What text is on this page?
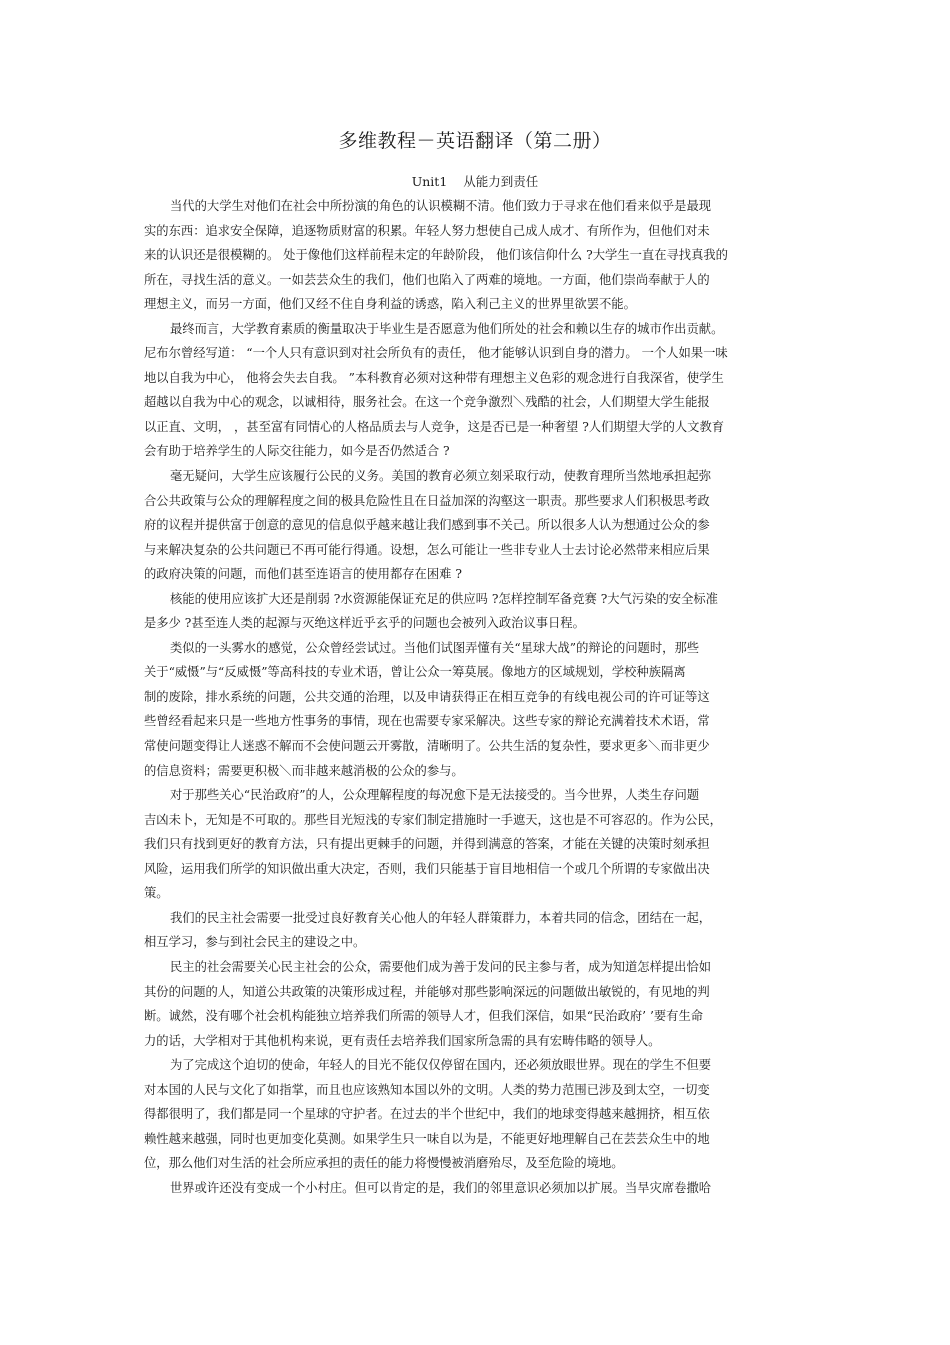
多维教程－英语翻译（第二册）
Unit1 从能力到责任

当代的大学生对他们在社会中所扮演的角色的认识模糊不清。他们致力于寻求在他们看来似乎是最现
实的东西：追求安全保障，追逐物质财富的积累。年轻人努力想使自己成人成才、有所作为，但他们对未
来的认识还是很模糊的。 处于像他们这样前程未定的年龄阶段， 他们该信仰什么 ?大学生一直在寻找真我的
所在，寻找生活的意义。一如芸芸众生的我们，他们也陷入了两难的境地。一方面，他们崇尚奉献于人的
理想主义，而另一方面，他们又经不住自身利益的诱惑，陷入利己主义的世界里欲罢不能。

最终而言，大学教育素质的衡量取决于毕业生是否愿意为他们所处的社会和赖以生存的城市作出贡献。
尼布尔曾经写道： “一个人只有意识到对社会所负有的责任， 他才能够认识到自身的潜力。 一个人如果一味
地以自我为中心， 他将会失去自我。 ”本科教育必须对这种带有理想主义色彩的观念进行自我深省，使学生
超越以自我为中心的观念，以诚相待，服务社会。在这一个竞争激烈＼残酷的社会，人们期望大学生能报
以正直、文明， ，甚至富有同情心的人格品质去与人竞争，这是否已是一种奢望 ?人们期望大学的人文教育
会有助于培养学生的人际交往能力，如今是否仍然适合 ?

毫无疑问，大学生应该履行公民的义务。美国的教育必须立刻采取行动，使教育理所当然地承担起弥
合公共政策与公众的理解程度之间的极具危险性且在日益加深的沟壑这一职责。那些要求人们积极思考政
府的议程并提供富于创意的意见的信息似乎越来越让我们感到事不关己。所以很多人认为想通过公众的参
与来解决复杂的公共问题已不再可能行得通。设想，怎么可能让一些非专业人士去讨论必然带来相应后果
的政府决策的问题，而他们甚至连语言的使用都存在困难 ?

核能的使用应该扩大还是削弱 ?水资源能保证充足的供应吗 ?怎样控制军备竞赛 ?大气污染的安全标准
是多少 ?甚至连人类的起源与灭绝这样近乎玄乎的问题也会被列入政治议事日程。

类似的一头雾水的感觉，公众曾经尝试过。当他们试图弄懂有关“星球大战”的辩论的问题时，那些
关于“威慑”与“反威慑”等高科技的专业术语，曾让公众一筹莫展。像地方的区域规划，学校种族隔离
制的废除，排水系统的问题，公共交通的治理，以及申请获得正在相互竞争的有线电视公司的许可证等这
些曾经看起来只是一些地方性事务的事情，现在也需要专家采解决。这些专家的辩论充满着技术术语，常
常使问题变得让人迷惑不解而不会使问题云开雾散，清晰明了。公共生活的复杂性，要求更多＼而非更少
的信息资料；需要更积极＼而非越来越消极的公众的参与。

对于那些关心“民治政府”的人，公众理解程度的每况愈下是无法接受的。当今世界，人类生存问题
吉凶未卜，无知是不可取的。那些目光短浅的专家们制定措施时一手遮天，这也是不可容忍的。作为公民，
我们只有找到更好的教育方法，只有提出更棘手的问题，并得到满意的答案，才能在关键的决策时刻承担
风险，运用我们所学的知识做出重大决定，否则，我们只能基于盲目地相信一个或几个所谓的专家做出决
策。

我们的民主社会需要一批受过良好教育关心他人的年轻人群策群力，本着共同的信念，团结在一起，
相互学习，参与到社会民主的建设之中。

民主的社会需要关心民主社会的公众，需要他们成为善于发问的民主参与者，成为知道怎样提出恰如
其份的问题的人，知道公共政策的决策形成过程，并能够对那些影响深远的问题做出敏锐的，有见地的判
断。诚然，没有哪个社会机构能独立培养我们所需的领导人才，但我们深信，如果“民治政府’ ’要有生命
力的话，大学相对于其他机构来说，更有责任去培养我们国家所急需的具有宏畴伟略的领导人。

为了完成这个迫切的使命，年轻人的目光不能仅仅停留在国内，还必须放眼世界。现在的学生不但要
对本国的人民与文化了如指掌，而且也应该熟知本国以外的文明。人类的势力范围已涉及到太空，一切变
得都很明了，我们都是同一个星球的守护者。在过去的半个世纪中，我们的地球变得越来越拥挤，相互依
赖性越来越强，同时也更加变化莫测。如果学生只一味自以为是，不能更好地理解自己在芸芸众生中的地
位，那么他们对生活的社会所应承担的责任的能力将慢慢被消磨殆尽，及至危险的境地。

世界或许还没有变成一个小村庄。但可以肯定的是，我们的邻里意识必须加以扩展。当旱灾席卷撒哈
